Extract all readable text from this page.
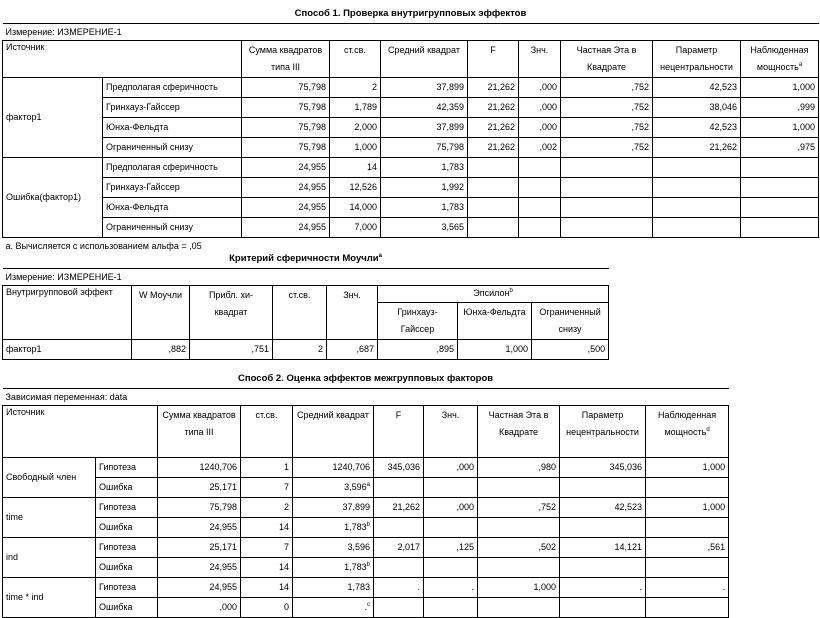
Способ 1. Проверка внутригрупповых эффектов									
Измерение: ИЗМЕРЕНИЕ-1									
Источник		Сумма квадратов типа III	ст.св.	Средний квадрат	F	Знч.	Частная Эта в Квадрате	Параметр нецентральности	Наблюденная мощность$^a$
фактор1	Предполагая сферичность	75,798	2	37,899	21,262	,000	,752	42,523	1,000
	Гринхауз-Гайссер	75,798	1,789	42,359	21,262	,000	,752	38,046	,999
	Юнха-Фельдта	75,798	2,000	37,899	21,262	,000	,752	42,523	1,000
	Ограниченный снизу	75,798	1,000	75,798	21,262	,002	,752	21,262	,975
Ошибка(фактор1)	Предполагая сферичность	24,955	14	1,783					
	Гринхауз-Гайссер	24,955	12,526	1,992					
	Юнха-Фельдта	24,955	14,000	1,783					
	Ограниченный снизу	24,955	7,000	3,565					
a. Вычисляется с использованием альфа = ,05									
Критерий сферичности Моучли$^a$
Измерение: ИЗМЕРЕНИЕ-1							
Внутригрупповой эффект	W Моучли	Прибл. хи-квадрат	ст.св.	Знч.	Эпсилон$^b$
					Гринхауз-Гайссер	Юнха-Фельдта	Ограниченный снизу
фактор1	,882	,751	2	,687	,895	1,000	,500
Способ 2. Оценка эффектов межгрупповых факторов									
Зависимая переменная: data									
Источник		Сумма квадратов типа III	ст.св.	Средний квадрат	F	Знч.	Частная Эта в Квадрате	Параметр нецентральности	Наблюденная мощность$^d$
Свободный член	Гипотеза	1240,706	1	1240,706	345,036	,000	,980	345,036	1,000
	Ошибка	25,171	7	3,596$^a$					
time	Гипотеза	75,798	2	37,899	21,262	,000	,752	42,523	1,000
	Ошибка	24,955	14	1,783$^b$					
ind	Гипотеза	25,171	7	3,596	2,017	,125	,502	14,121	,561
	Ошибка	24,955	14	1,783$^b$					
time * ind	Гипотеза	24,955	14	1,783	.	.	1,000	.	.
	Ошибка	,000	0	.$^c$					
